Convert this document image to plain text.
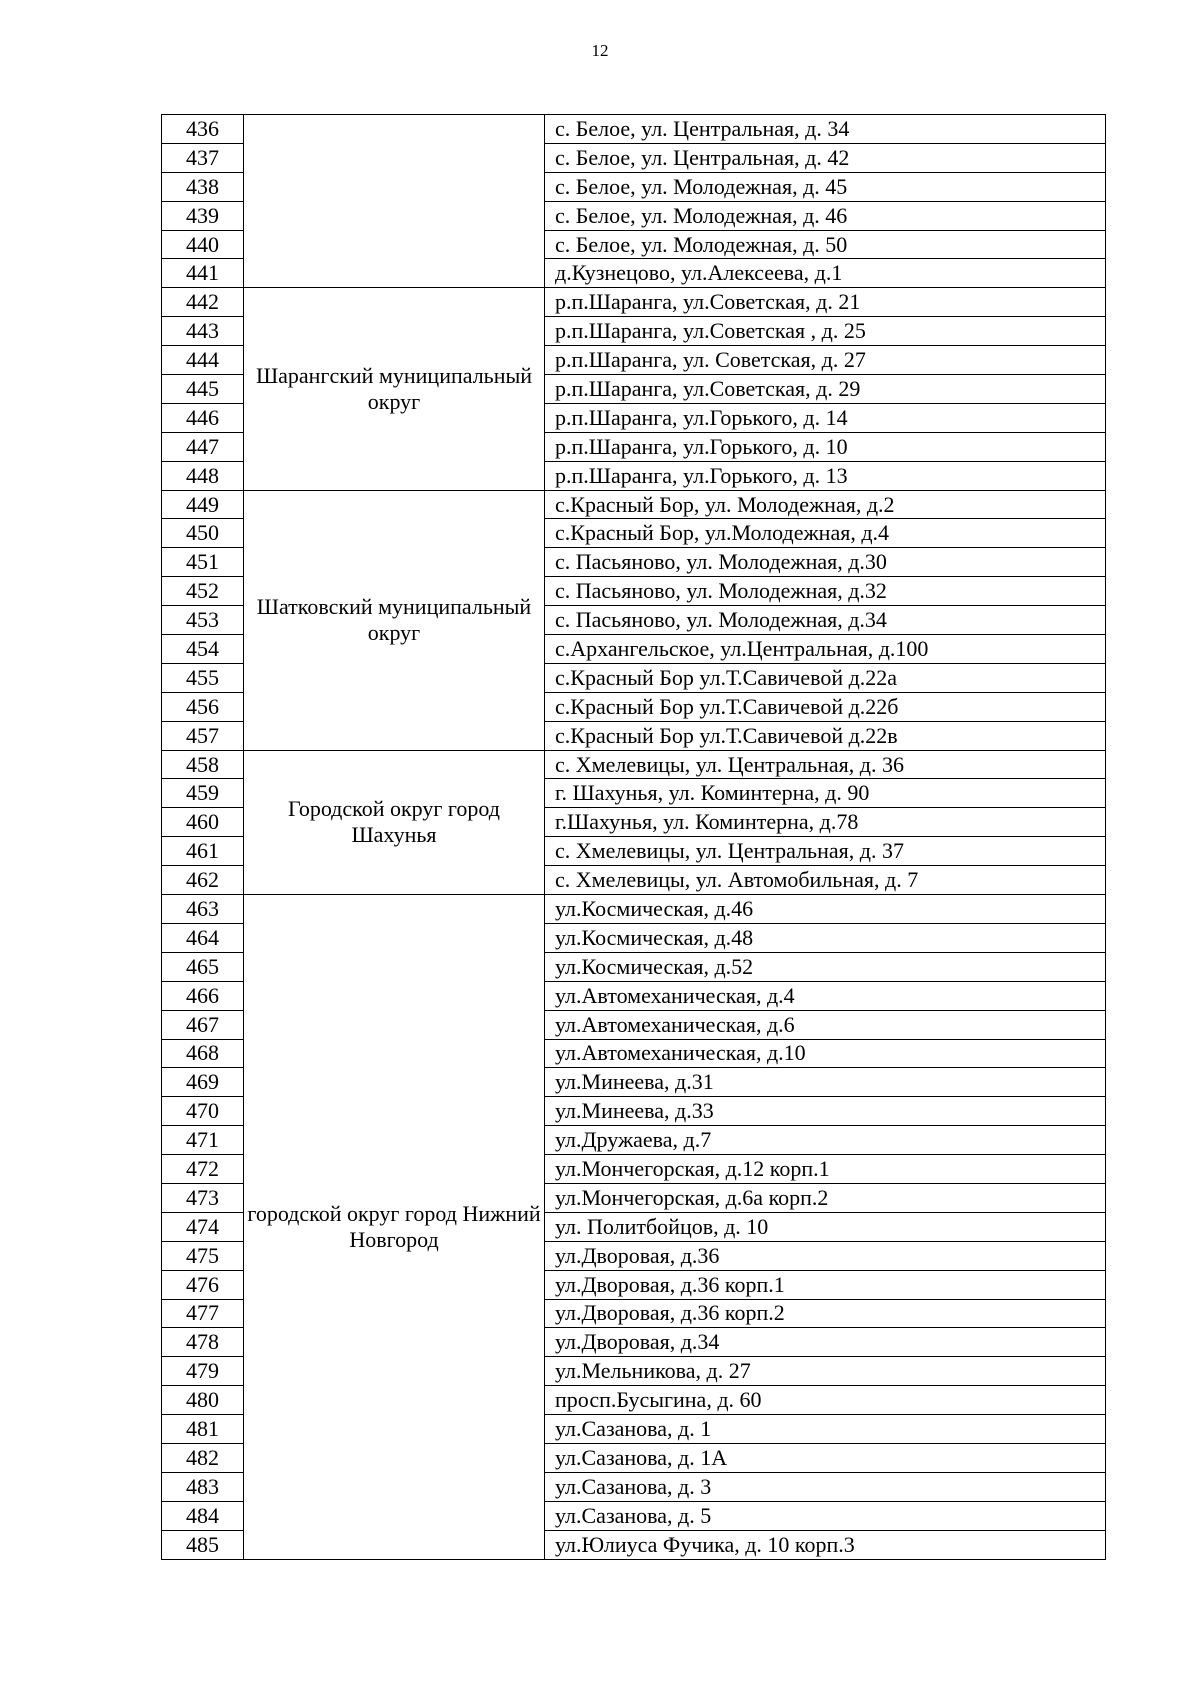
12
436		с. Белое, ул. Центральная, д. 34
437		с. Белое, ул. Центральная, д. 42
438		с. Белое, ул. Молодежная, д. 45
439		с. Белое, ул. Молодежная, д. 46
440		с. Белое, ул. Молодежная, д. 50
441		д.Кузнецово, ул.Алексеева, д.1
442	Шарангский муниципальный округ	р.п.Шаранга, ул.Советская, д. 21
443		р.п.Шаранга, ул.Советская , д. 25
444		р.п.Шаранга, ул. Советская, д. 27
445		р.п.Шаранга, ул.Советская, д. 29
446		р.п.Шаранга, ул.Горького, д. 14
447		р.п.Шаранга, ул.Горького, д. 10
448		р.п.Шаранга, ул.Горького, д. 13
449	Шатковский муниципальный округ	с.Красный Бор, ул. Молодежная, д.2
450		с.Красный Бор, ул.Молодежная, д.4
451		с. Пасьяново, ул. Молодежная, д.30
452		с. Пасьяново, ул. Молодежная, д.32
453		с. Пасьяново, ул. Молодежная, д.34
454		с.Архангельское, ул.Центральная, д.100
455		с.Красный Бор ул.Т.Савичевой д.22а
456		с.Красный Бор ул.Т.Савичевой д.22б
457		с.Красный Бор ул.Т.Савичевой д.22в
458	Городской округ город Шахунья	с. Хмелевицы, ул. Центральная, д. 36
459		г. Шахунья, ул. Коминтерна, д. 90
460		г.Шахунья, ул. Коминтерна, д.78
461		с. Хмелевицы, ул. Центральная, д. 37
462		с. Хмелевицы, ул. Автомобильная, д. 7
463	городской округ город Нижний Новгород	ул.Космическая, д.46
464		ул.Космическая, д.48
465		ул.Космическая, д.52
466		ул.Автомеханическая, д.4
467		ул.Автомеханическая, д.6
468		ул.Автомеханическая, д.10
469		ул.Минеева, д.31
470		ул.Минеева, д.33
471		ул.Дружаева, д.7
472		ул.Мончегорская, д.12 корп.1
473		ул.Мончегорская, д.6а корп.2
474		ул. Политбойцов, д. 10
475		ул.Дворовая, д.36
476		ул.Дворовая, д.36 корп.1
477		ул.Дворовая, д.36 корп.2
478		ул.Дворовая, д.34
479		ул.Мельникова, д. 27
480		просп.Бусыгина, д. 60
481		ул.Сазанова, д. 1
482		ул.Сазанова, д. 1А
483		ул.Сазанова, д. 3
484		ул.Сазанова, д. 5
485		ул.Юлиуса Фучика, д. 10 корп.3
